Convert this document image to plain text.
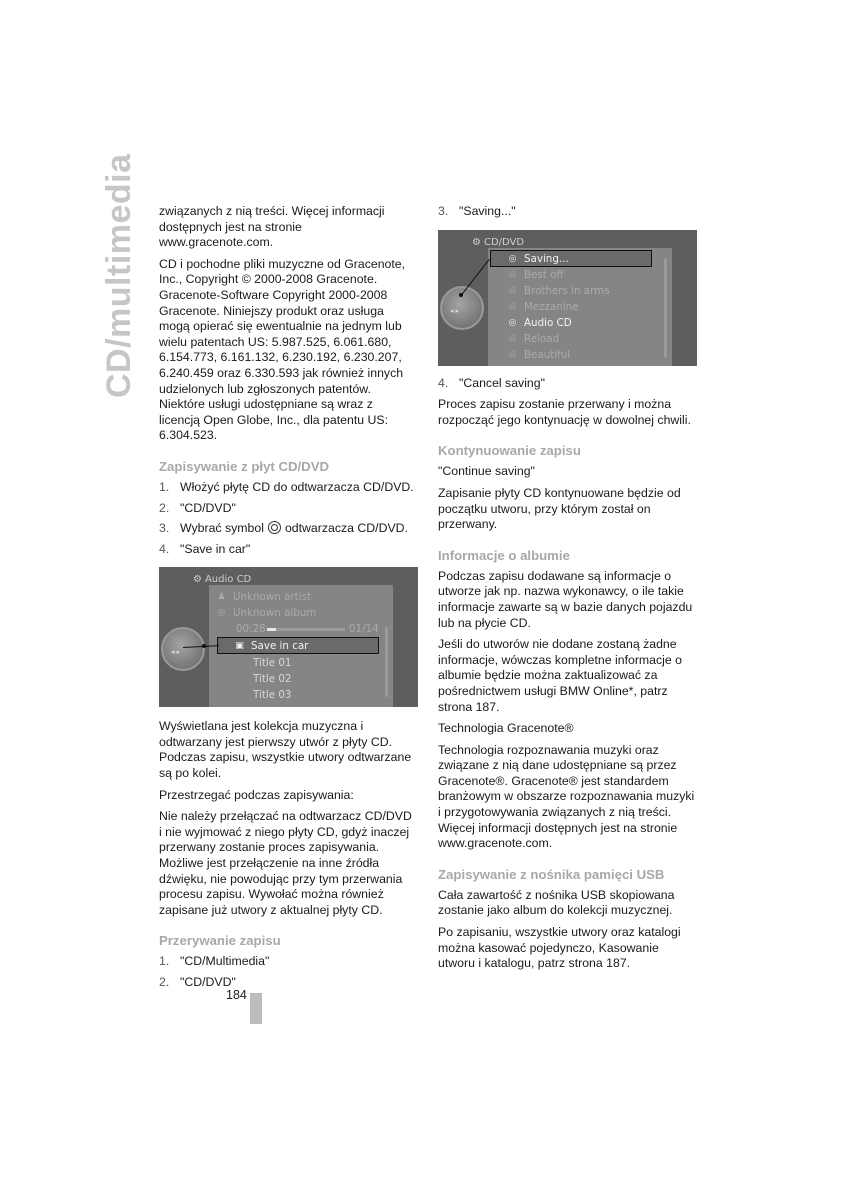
CD/multimedia związanych z nią treści. Więcej informacji dostępnych jest na stronie www.gracenote.com.

CD i pochodne pliki muzyczne od Gracenote, Inc., Copyright © 2000-2008 Gracenote. Gracenote-Software Copyright 2000-2008 Gracenote. Niniejszy produkt oraz usługa mogą opierać się ewentualnie na jednym lub wielu patentach US: 5.987.525, 6.061.680, 6.154.773, 6.161.132, 6.230.192, 6.230.207, 6.240.459 oraz 6.330.593 jak również innych udzielonych lub zgłoszonych patentów. Niektóre usługi udostępniane są wraz z licencją Open Globe, Inc., dla patentu US: 6.304.523.

Zapisywanie z płyt CD/DVD
1. Włożyć płytę CD do odtwarzacza CD/DVD.
2. "CD/DVD"
3. Wybrać symbol odtwarzacza CD/DVD.
4. "Save in car"
⚙ Audio CD
◂▸
♟ Unknown artist
◎ Unknown album
00:28	01/14
▣ Save in car
Title 01
Title 02
Title 03

Wyświetlana jest kolekcja muzyczna i odtwarzany jest pierwszy utwór z płyty CD. Podczas zapisu, wszystkie utwory odtwarzane są po kolei.

Przestrzegać podczas zapisywania:

Nie należy przełączać na odtwarzacz CD/DVD i nie wyjmować z niego płyty CD, gdyż inaczej przerwany zostanie proces zapisywania. Możliwe jest przełączenie na inne źródła dźwięku, nie powodując przy tym przerwania procesu zapisu. Wywołać można również zapisane już utwory z aktualnej płyty CD.

Przerywanie zapisu
1. "CD/Multimedia"
2. "CD/DVD"
3. "Saving..."
⚙ CD/DVD
◂▸
◎ Saving...
◎ Best off
◎ Brothers in arms
◎ Mezzanine
◎ Audio CD
◎ Reload
◎ Beautiful
4. "Cancel saving"

Proces zapisu zostanie przerwany i można rozpocząć jego kontynuację w dowolnej chwili.

Kontynuowanie zapisu

"Continue saving"

Zapisanie płyty CD kontynuowane będzie od początku utworu, przy którym został on przerwany.

Informacje o albumie

Podczas zapisu dodawane są informacje o utworze jak np. nazwa wykonawcy, o ile takie informacje zawarte są w bazie danych pojazdu lub na płycie CD.

Jeśli do utworów nie dodane zostaną żadne informacje, wówczas kompletne informacje o albumie będzie można zaktualizować za pośrednictwem usługi BMW Online*, patrz strona 187.

Technologia Gracenote®

Technologia rozpoznawania muzyki oraz związane z nią dane udostępniane są przez Gracenote®. Gracenote® jest standardem branżowym w obszarze rozpoznawania muzyki i przygotowywania związanych z nią treści. Więcej informacji dostępnych jest na stronie www.gracenote.com.

Zapisywanie z nośnika pamięci USB

Cała zawartość z nośnika USB skopiowana zostanie jako album do kolekcji muzycznej.

Po zapisaniu, wszystkie utwory oraz katalogi można kasować pojedynczo, Kasowanie utworu i katalogu, patrz strona 187.

184
